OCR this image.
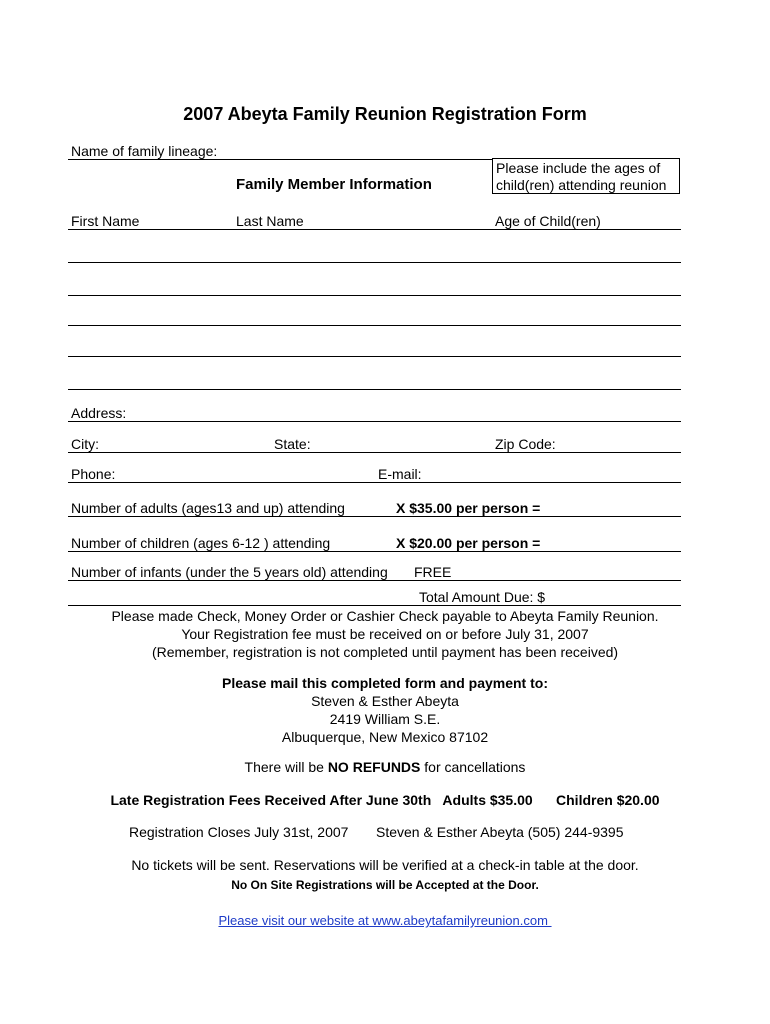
2007 Abeyta Family Reunion Registration Form
Name of family lineage:
Family Member Information
Please include the ages of
child(ren) attending reunion
First Name	Last Name	Age of Child(ren)
Address:
City:	State:	Zip Code:
Phone:	E-mail:
Number of adults (ages13 and up) attending	X $35.00 per person =
Number of children (ages 6-12 ) attending	X $20.00 per person =
Number of infants (under the 5 years old) attending FREE
Total Amount Due: $
Please made Check, Money Order or Cashier Check payable to Abeyta Family Reunion.
Your Registration fee must be received on or before July 31, 2007
(Remember, registration is not completed until payment has been received)
Please mail this completed form and payment to:
Steven & Esther Abeyta
2419 William S.E.
Albuquerque, New Mexico 87102
There will be NO REFUNDS for cancellations
Late Registration Fees Received After June 30th   Adults $35.00      Children $20.00
Registration Closes July 31st, 2007 Steven & Esther Abeyta (505) 244-9395
No tickets will be sent. Reservations will be verified at a check-in table at the door.
No On Site Registrations will be Accepted at the Door.
Please visit our website at www.abeytafamilyreunion.com
